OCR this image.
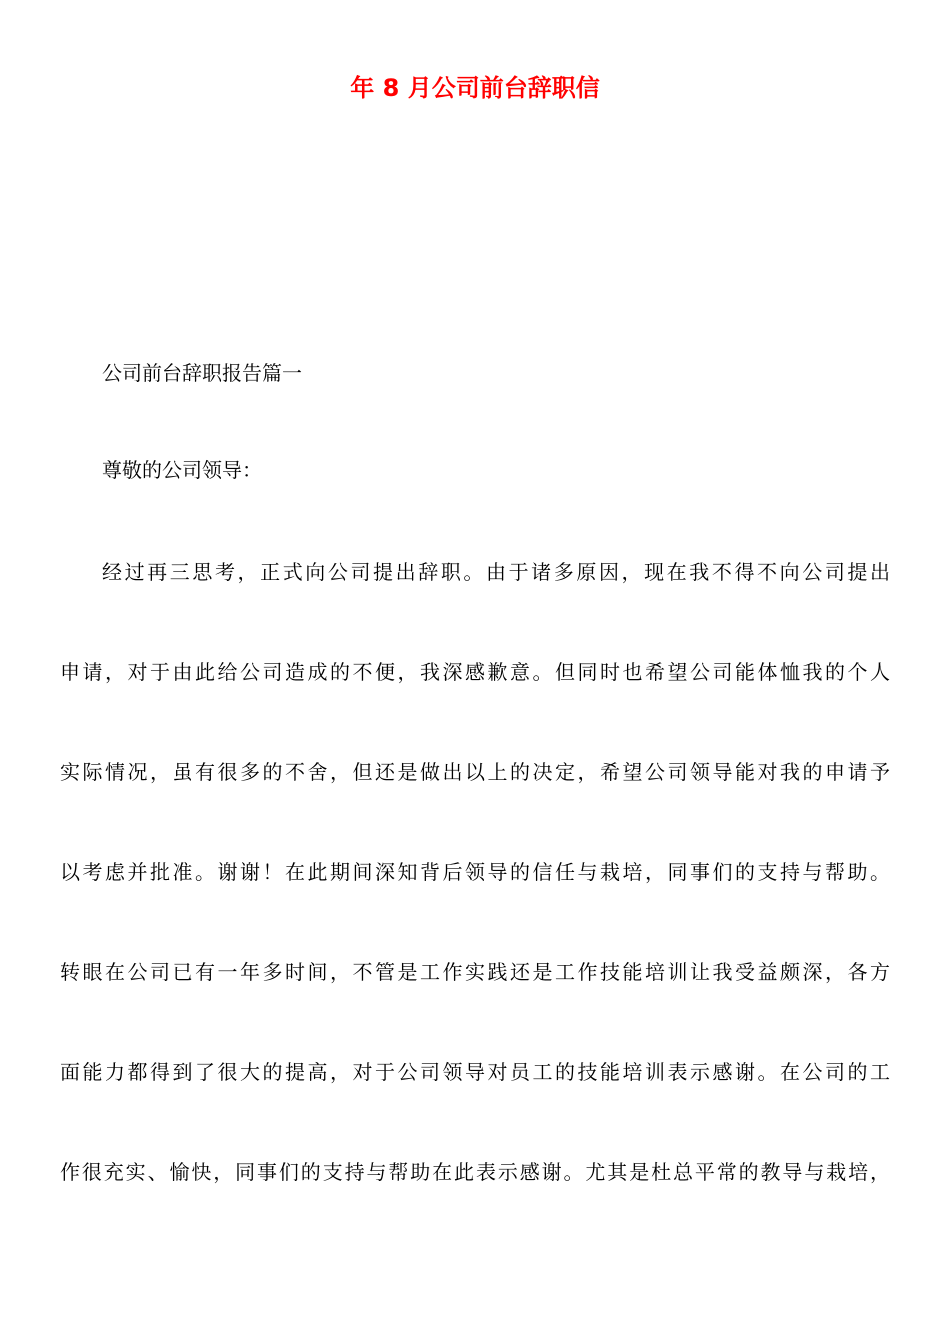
年 8 月公司前台辞职信

公司前台辞职报告篇一

尊敬的公司领导：

经过再三思考，正式向公司提出辞职。由于诸多原因，现在我不得不向公司提出
申请，对于由此给公司造成的不便，我深感歉意。但同时也希望公司能体恤我的个人
实际情况，虽有很多的不舍，但还是做出以上的决定，希望公司领导能对我的申请予
以考虑并批准。谢谢！在此期间深知背后领导的信任与栽培，同事们的支持与帮助。
转眼在公司已有一年多时间，不管是工作实践还是工作技能培训让我受益颇深，各方
面能力都得到了很大的提高，对于公司领导对员工的技能培训表示感谢。在公司的工
作很充实、愉快，同事们的支持与帮助在此表示感谢。尤其是杜总平常的教导与栽培，
